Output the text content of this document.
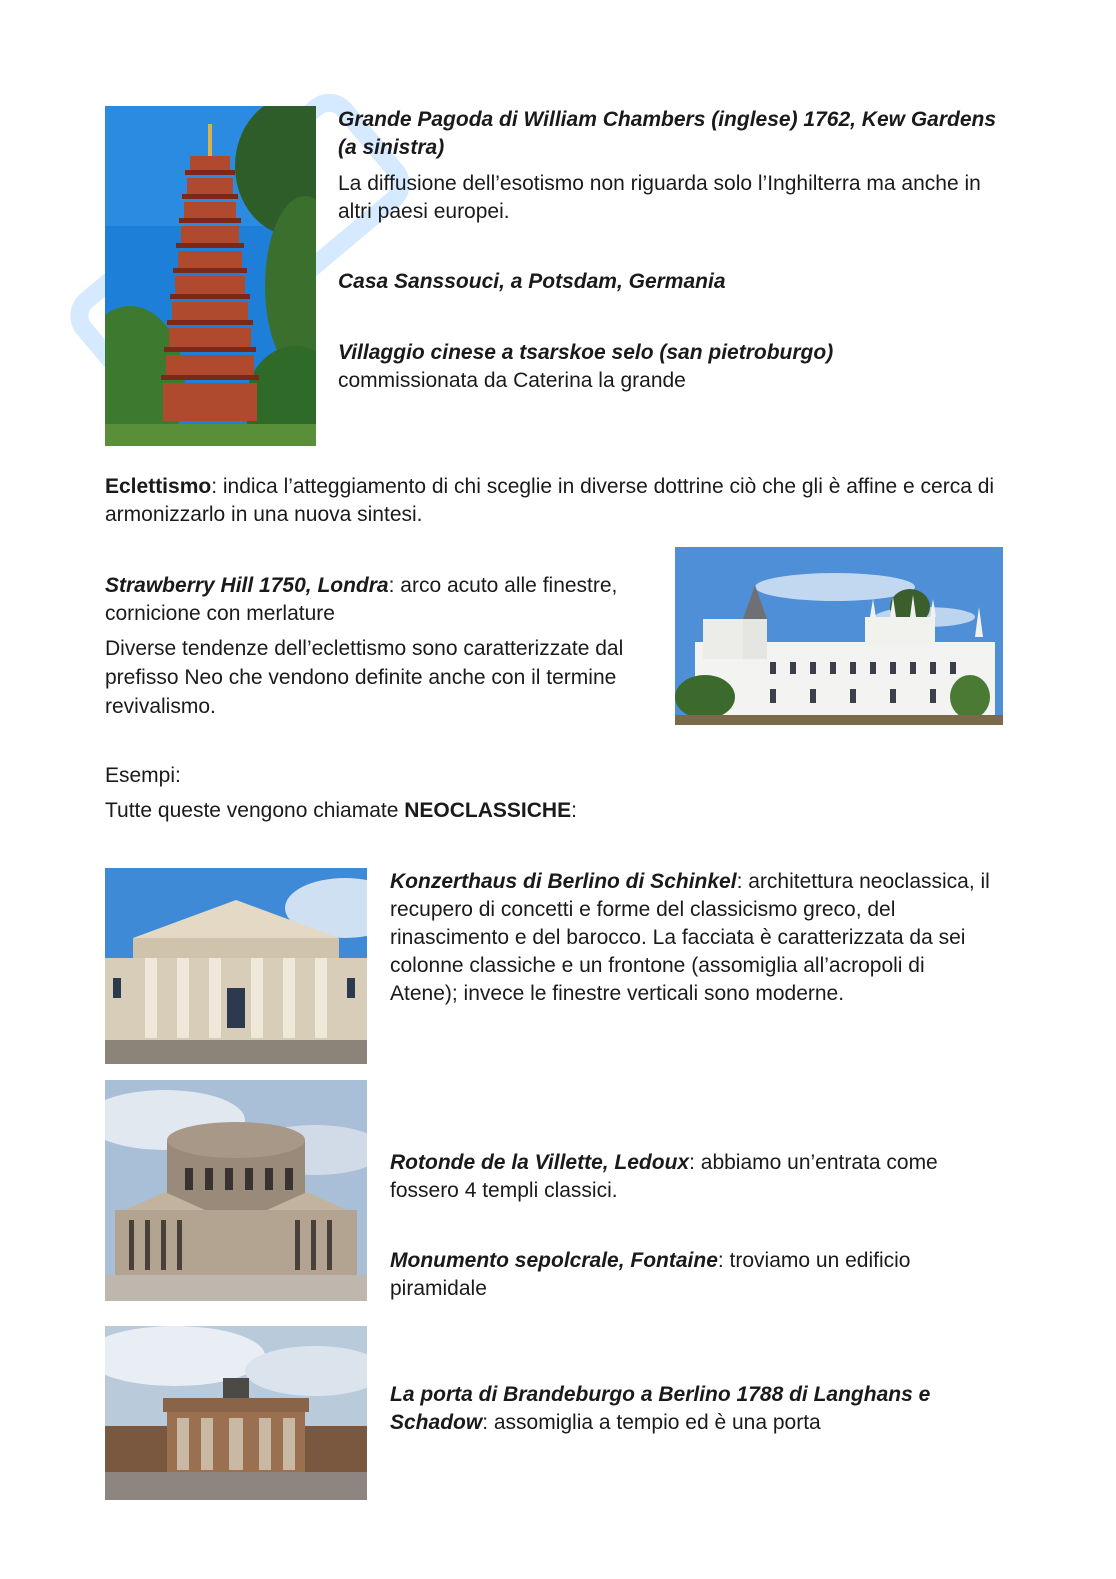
Grande Pagoda di William Chambers (inglese) 1762, Kew Gardens (a sinistra)
La diffusione dell’esotismo non riguarda solo l’Inghilterra ma anche in altri paesi europei.
Casa Sanssouci, a Potsdam, Germania
Villaggio cinese a tsarskoe selo (san pietroburgo)
commissionata da Caterina la grande
Eclettismo: indica l’atteggiamento di chi sceglie in diverse dottrine ciò che gli è affine e cerca di armonizzarlo in una nuova sintesi.
Strawberry Hill 1750, Londra: arco acuto alle finestre, cornicione con merlature
Diverse tendenze dell’eclettismo sono caratterizzate dal prefisso Neo che vendono definite anche con il termine revivalismo.
Esempi:
Tutte queste vengono chiamate NEOCLASSICHE:
Konzerthaus di Berlino di Schinkel: architettura neoclassica, il recupero di concetti e forme del classicismo greco, del rinascimento e del barocco. La facciata è caratterizzata da sei colonne classiche e un frontone (assomiglia all’acropoli di Atene); invece le finestre verticali sono moderne.
Rotonde de la Villette, Ledoux: abbiamo un’entrata come fossero 4 templi classici.
Monumento sepolcrale, Fontaine: troviamo un edificio piramidale
La porta di Brandeburgo a Berlino 1788 di Langhans e Schadow: assomiglia a tempio ed è una porta
